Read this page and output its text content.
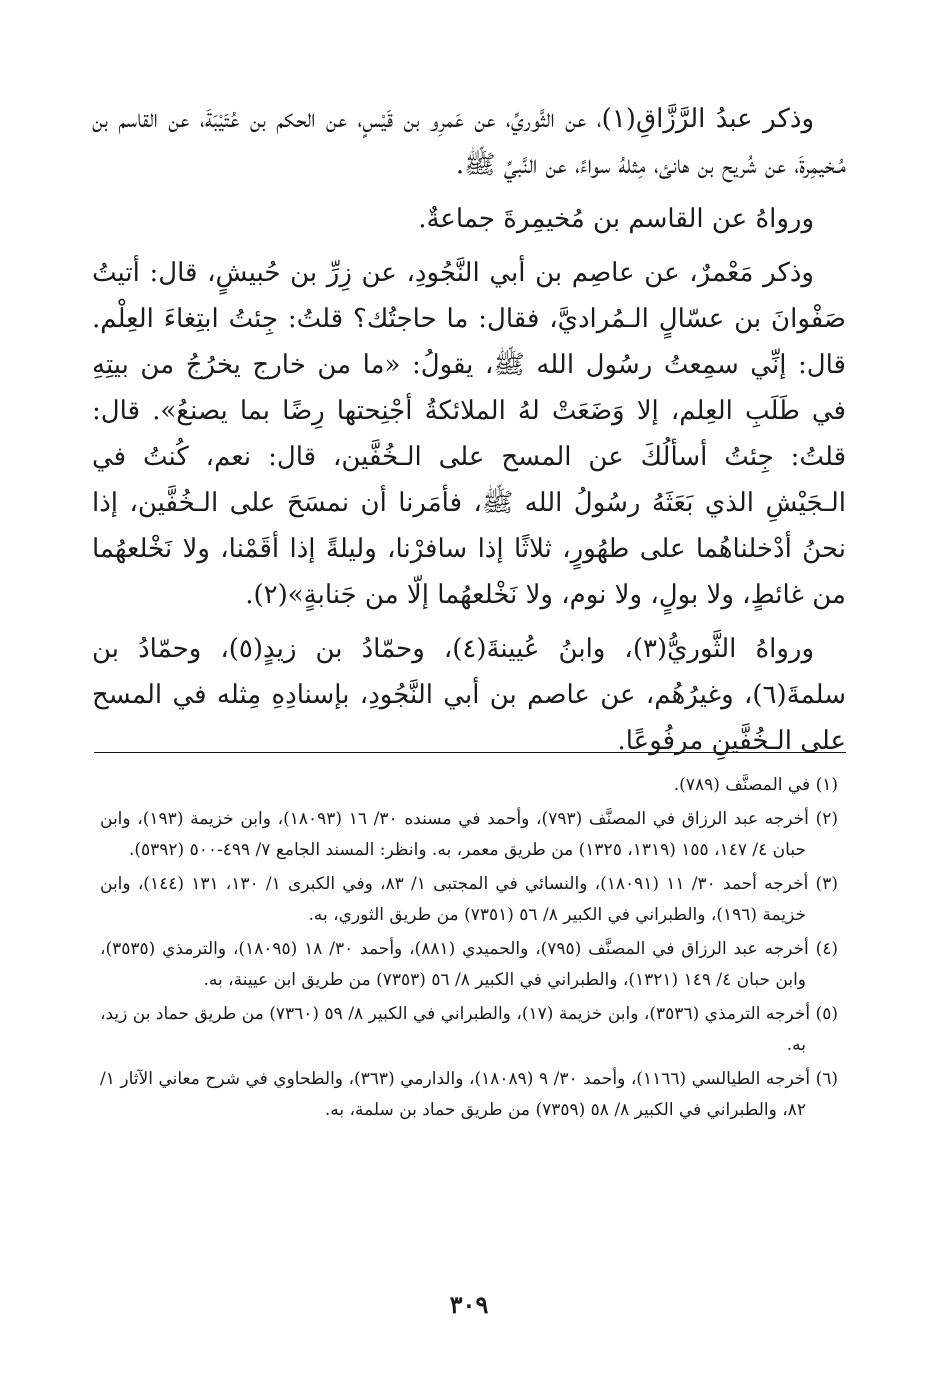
وذكر عبدُ الرَّزَّاقِ(١)، عن الثَّوريِّ، عن عَمرِو بن قَيْسٍ، عن الحكم بن عُتَيْبَةَ، عن القاسم بن مُـخيمِرةَ، عن شُريح بن هانئ، مِثلهُ سواءً، عن النَّبيِّ ﷺ.

ورواهُ عن القاسم بن مُخيمِرةَ جماعةٌ.

وذكر مَعْمرٌ، عن عاصِم بن أبي النَّجُودِ، عن زِرِّ بن حُبيشٍ، قال: أتيتُ صَفْوانَ بن عسّالٍ الـمُراديَّ، فقال: ما حاجتُك؟ قلتُ: جِئتُ ابتِغاءَ العِلْم. قال: إنِّي سمِعتُ رسُول الله ﷺ، يقولُ: «ما من خارج يخرُجُ من بيتِهِ في طَلَبِ العِلم، إلا وَضَعَتْ لهُ الملائكةُ أجْنِحتها رِضًا بما يصنعُ». قال: قلتُ: جِئتُ أسألُكَ عن المسح على الـخُفَّين، قال: نعم، كُنتُ في الـجَيْشِ الذي بَعَثَهُ رسُولُ الله ﷺ، فأمَرنا أن نمسَحَ على الـخُفَّين، إذا نحنُ أدْخلناهُما على طهُورٍ، ثلاثًا إذا سافرْنا، وليلةً إذا أقَمْنا، ولا نَخْلعهُما من غائطٍ، ولا بولٍ، ولا نوم، ولا نَخْلعهُما إلّا من جَنابةٍ»(٢).

ورواهُ الثَّوريُّ(٣)، وابنُ عُيينةَ(٤)، وحمّادُ بن زيدٍ(٥)، وحمّادُ بن سلمةَ(٦)، وغيرُهُم، عن عاصم بن أبي النَّجُودِ، بإسنادِهِ مِثله في المسح على الـخُفَّينِ مرفُوعًا.

(١) في المصنَّف (٧٨٩).

(٢) أخرجه عبد الرزاق في المصنَّف (٧٩٣)، وأحمد في مسنده ٣٠/ ١٦ (١٨٠٩٣)، وابن خزيمة (١٩٣)، وابن حبان ٤/ ١٤٧، ١٥٥ (١٣١٩، ١٣٢٥) من طريق معمر، به. وانظر: المسند الجامع ٧/ ٤٩٩-٥٠٠ (٥٣٩٢).

(٣) أخرجه أحمد ٣٠/ ١١ (١٨٠٩١)، والنسائي في المجتبى ١/ ٨٣، وفي الكبرى ١/ ١٣٠، ١٣١ (١٤٤)، وابن خزيمة (١٩٦)، والطبراني في الكبير ٨/ ٥٦ (٧٣٥١) من طريق الثوري، به.

(٤) أخرجه عبد الرزاق في المصنَّف (٧٩٥)، والحميدي (٨٨١)، وأحمد ٣٠/ ١٨ (١٨٠٩٥)، والترمذي (٣٥٣٥)، وابن حبان ٤/ ١٤٩ (١٣٢١)، والطبراني في الكبير ٨/ ٥٦ (٧٣٥٣) من طريق ابن عيينة، به.

(٥) أخرجه الترمذي (٣٥٣٦)، وابن خزيمة (١٧)، والطبراني في الكبير ٨/ ٥٩ (٧٣٦٠) من طريق حماد بن زيد، به.

(٦) أخرجه الطيالسي (١١٦٦)، وأحمد ٣٠/ ٩ (١٨٠٨٩)، والدارمي (٣٦٣)، والطحاوي في شرح معاني الآثار ١/ ٨٢، والطبراني في الكبير ٨/ ٥٨ (٧٣٥٩) من طريق حماد بن سلمة، به.

٣٠٩
